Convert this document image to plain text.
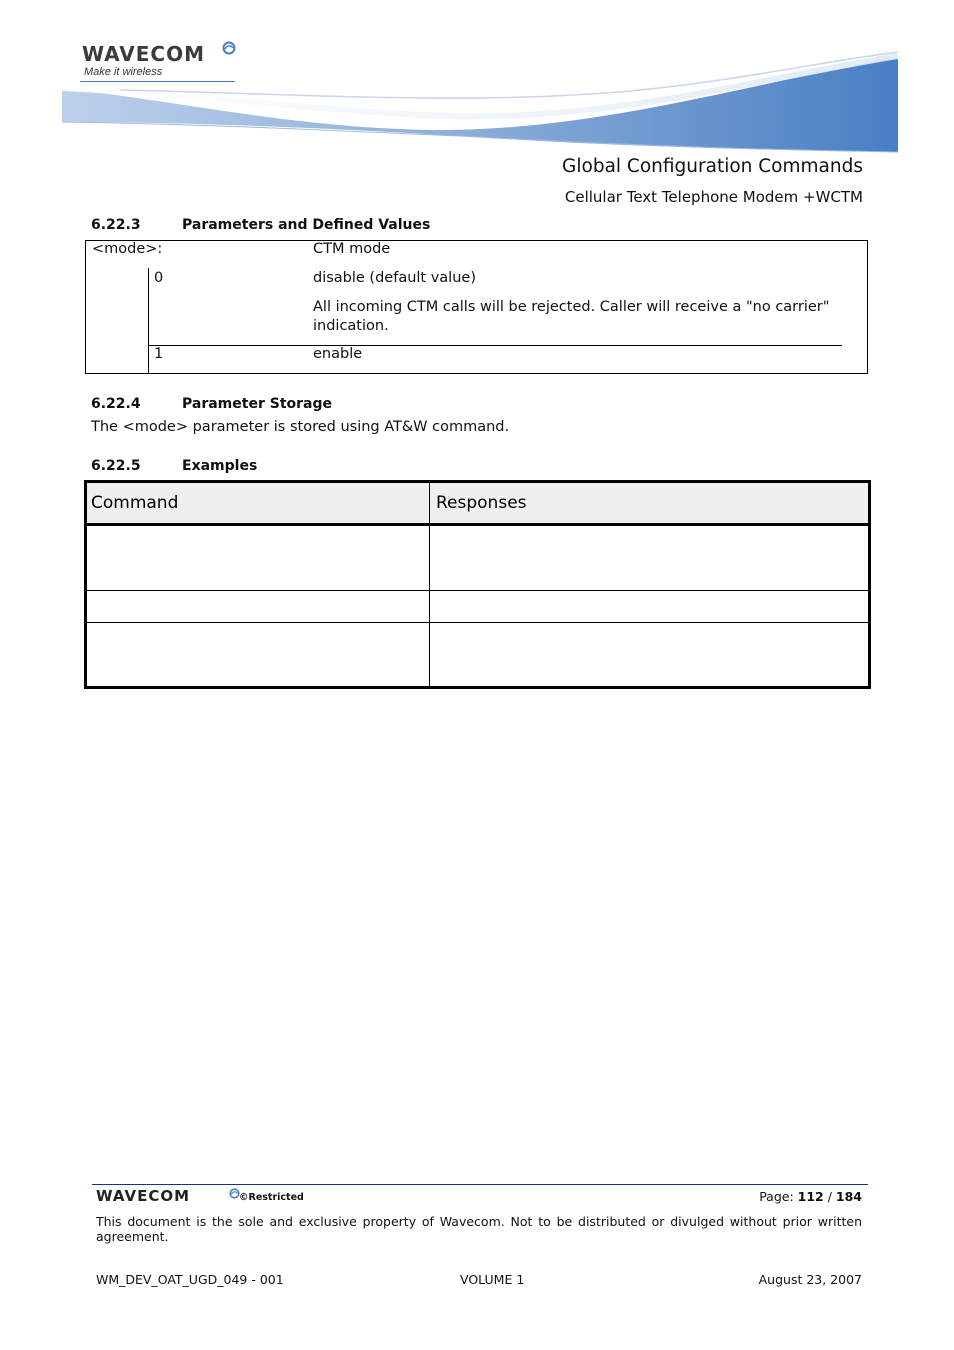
WAVECOM
Make it wireless
Global Configuration Commands
Cellular Text Telephone Modem +WCTM
6.22.3	Parameters and Defined Values
<mode>:	CTM mode
0	disable (default value)
All incoming CTM calls will be rejected. Caller will receive a "no carrier" indication.
1	enable
6.22.4	Parameter Storage
The <mode> parameter is stored using AT&W command.
6.22.5	Examples
Command	Responses
WAVECOM	©Restricted	Page: 112 / 184
This document is the sole and exclusive property of Wavecom. Not to be distributed or divulged without prior written agreement.
WM_DEV_OAT_UGD_049 - 001	VOLUME 1	August 23, 2007
